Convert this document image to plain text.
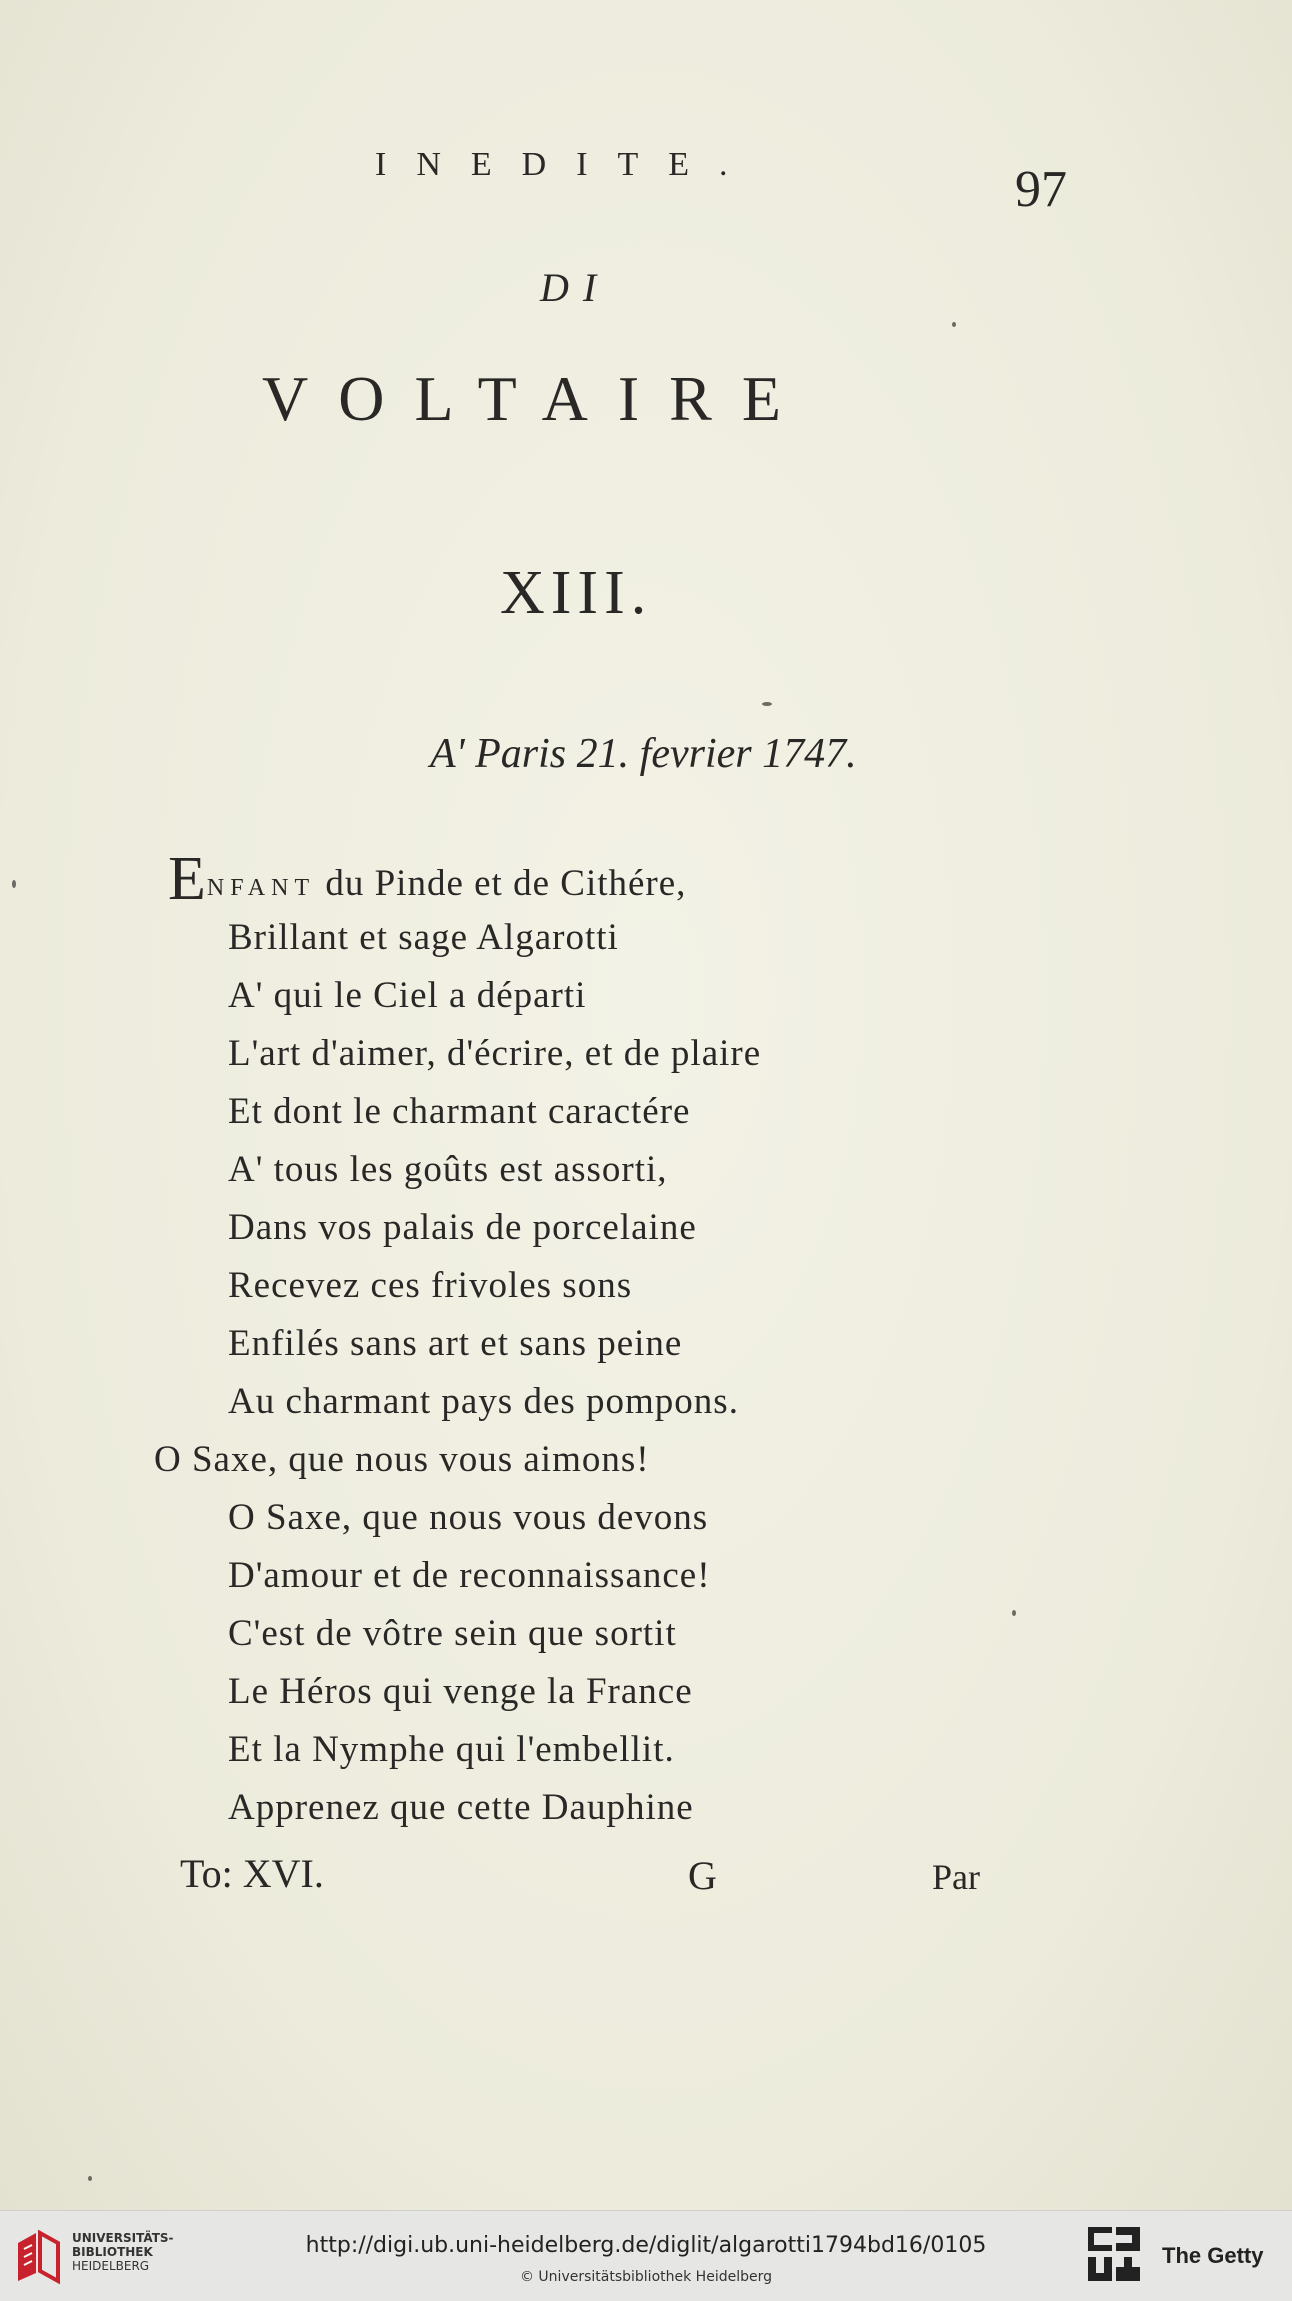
INEDITE.	97
DI
VOLTAIRE
XIII.
A' Paris 21. fevrier 1747.
ENFANT du Pinde et de Cithére,
Brillant et sage Algarotti
A' qui le Ciel a départi
L'art d'aimer, d'écrire, et de plaire
Et dont le charmant caractére
A' tous les goûts est assorti,
Dans vos palais de porcelaine
Recevez ces frivoles sons
Enfilés sans art et sans peine
Au charmant pays des pompons.
O Saxe, que nous vous aimons!
O Saxe, que nous vous devons
D'amour et de reconnaissance!
C'est de vôtre sein que sortit
Le Héros qui venge la France
Et la Nymphe qui l'embellit.
Apprenez que cette Dauphine
To: XVI.	G	Par
UNIVERSITÄTS-
BIBLIOTHEK
HEIDELBERG
http://digi.ub.uni-heidelberg.de/diglit/algarotti1794bd16/0105
© Universitätsbibliothek Heidelberg
The Getty
